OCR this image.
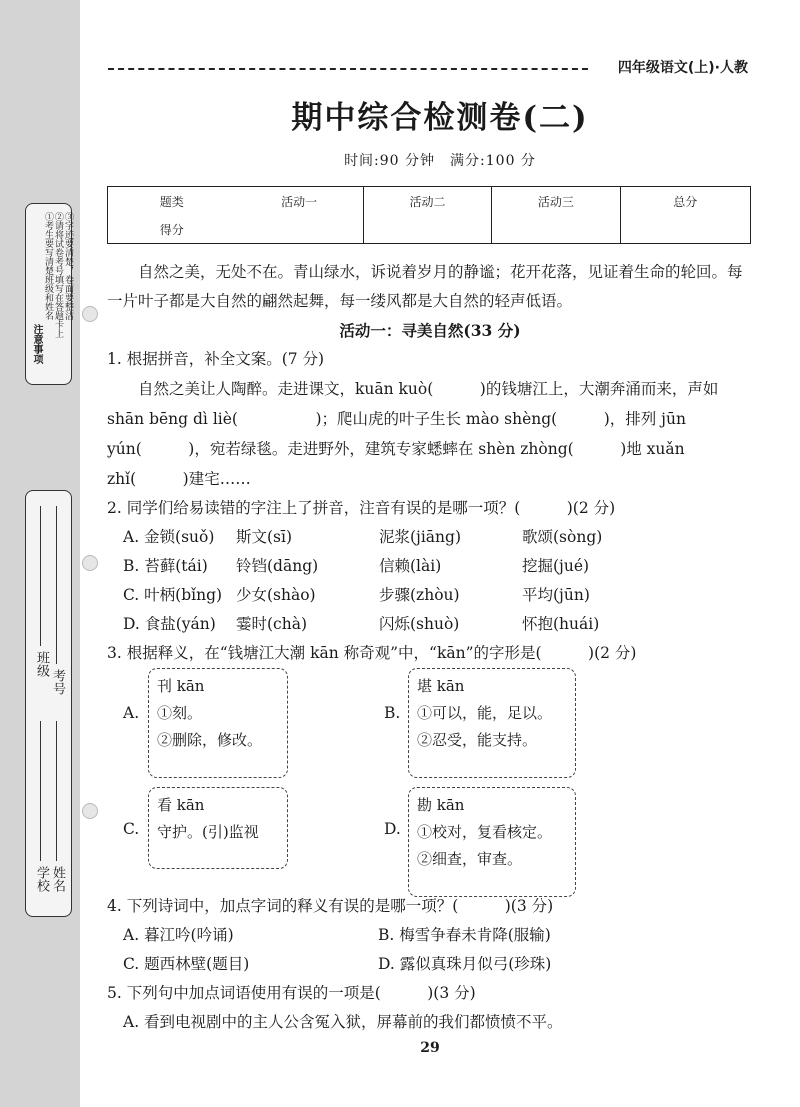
注意事项
①考生要写清楚班级和姓名 ②请将试卷考号填写在答题卡上 ③字迹要清楚，卷面要整洁
班级
考号
学校 姓名
四年级语文(上)·人教
期中综合检测卷(二)
时间:90 分钟　满分:100 分
题类	活动一	活动二	活动三	总分
得分				

自然之美，无处不在。青山绿水，诉说着岁月的静谧；花开花落，见证着生命的轮回。每一片叶子都是大自然的翩然起舞，每一缕风都是大自然的轻声低语。

活动一：寻美自然(33 分)

1. 根据拼音，补全文案。(7 分)

自然之美让人陶醉。走进课文，kuān kuò(　　　)的钱塘江上，大潮奔涌而来，声如 shān bēng dì liè(　　　　　)；爬山虎的叶子生长 mào shèng(　　　)，排列 jūn yún(　　　)，宛若绿毯。走进野外，建筑专家蟋蟀在 shèn zhòng(　　　)地 xuǎn zhǐ(　　　)建宅……

2. 同学们给易读错的字注上了拼音，注音有误的是哪一项？(　　　)(2 分)

A. 金锁(suǒ)	斯文(sī)	泥浆(jiāng)	歌颂(sòng)
B. 苔藓(tái)	铃铛(dāng)	信赖(lài)	挖掘(jué)
C. 叶柄(bǐng) 少女(shào)	步骤(zhòu)	平均(jūn)
D. 食盐(yán)	霎时(chà)	闪烁(shuò)	怀抱(huái)

3. 根据释义，在“钱塘江大潮 kān 称奇观”中，“kān”的字形是(　　　)(2 分)

A.
刊 kān
①刻。
②删除，修改。
B.
堪 kān
①可以，能，足以。
②忍受，能支持。
C.
看 kān
守护。(引)监视	D.
勘 kān
①校对，复看核定。
②细查，审查。

4. 下列诗词中，加点字词的释义有误的是哪一项？(　　　)(3 分)

A. 暮江吟(吟诵)	B. 梅雪争春未肯降(服输)
C. 题西林壁(题目)	D. 露似真珠月似弓(珍珠)

5. 下列句中加点词语使用有误的一项是(　　　)(3 分)

A. 看到电视剧中的主人公含冤入狱，屏幕前的我们都愤愤不平。

29
